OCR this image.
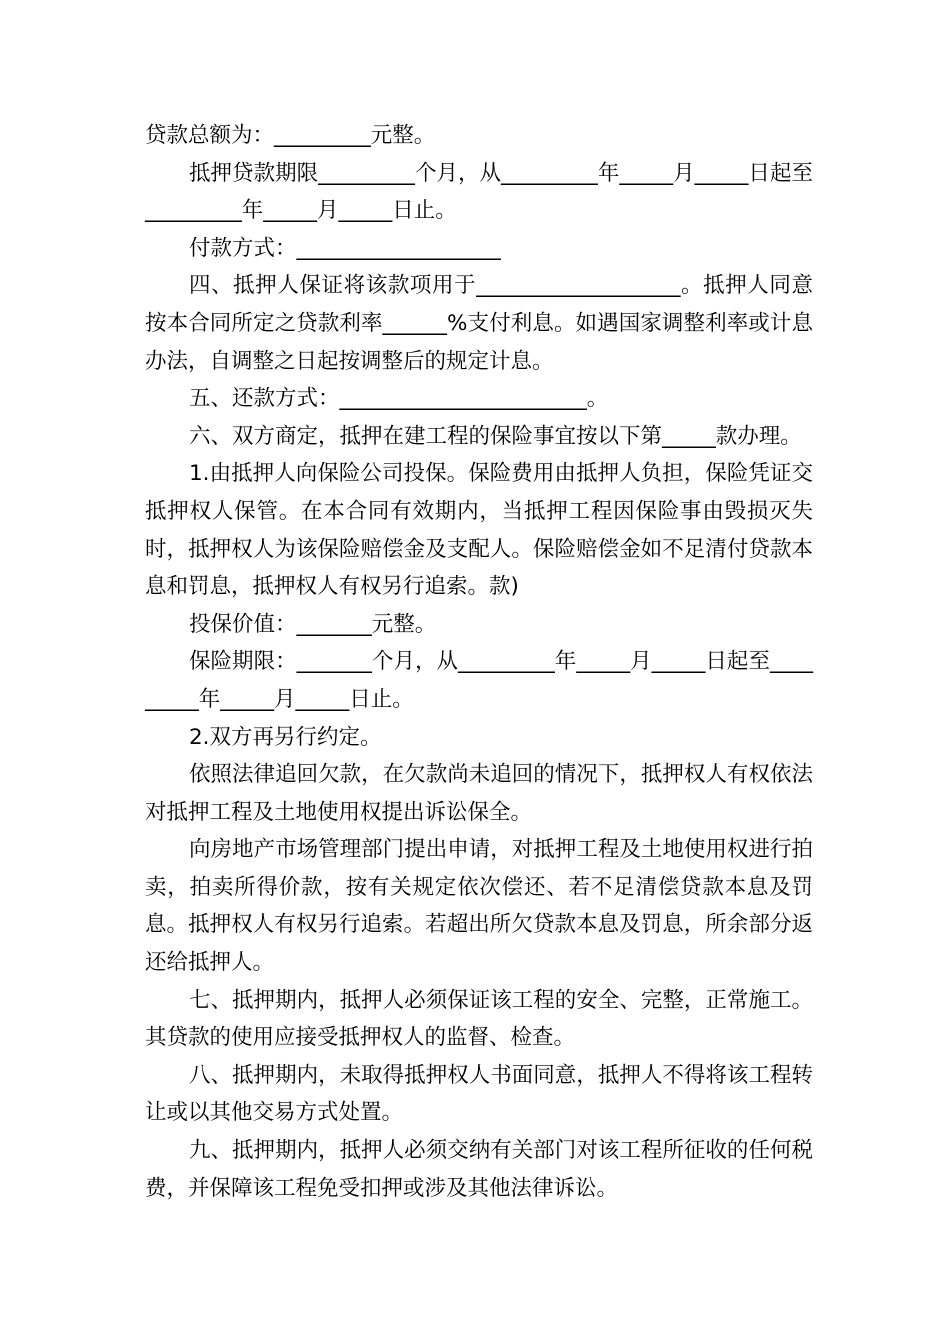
贷款总额为：_________元整。

抵押贷款期限_________个月，从_________年_____月_____日起至_________年_____月_____日止。

付款方式：___________________

四、抵押人保证将该款项用于___________________。抵押人同意按本合同所定之贷款利率______%支付利息。如遇国家调整利率或计息办法，自调整之日起按调整后的规定计息。

五、还款方式：_______________________。

六、双方商定，抵押在建工程的保险事宜按以下第_____款办理。

1.由抵押人向保险公司投保。保险费用由抵押人负担，保险凭证交抵押权人保管。在本合同有效期内，当抵押工程因保险事由毁损灭失时，抵押权人为该保险赔偿金及支配人。保险赔偿金如不足清付贷款本息和罚息，抵押权人有权另行追索。款)

投保价值：_______元整。

保险期限：_______个月，从_________年_____月_____日起至_________年_____月_____日止。

2.双方再另行约定。

依照法律追回欠款，在欠款尚未追回的情况下，抵押权人有权依法对抵押工程及土地使用权提出诉讼保全。

向房地产市场管理部门提出申请，对抵押工程及土地使用权进行拍卖，拍卖所得价款，按有关规定依次偿还、若不足清偿贷款本息及罚息。抵押权人有权另行追索。若超出所欠贷款本息及罚息，所余部分返还给抵押人。

七、抵押期内，抵押人必须保证该工程的安全、完整，正常施工。其贷款的使用应接受抵押权人的监督、检查。

八、抵押期内，未取得抵押权人书面同意，抵押人不得将该工程转让或以其他交易方式处置。

九、抵押期内，抵押人必须交纳有关部门对该工程所征收的任何税费，并保障该工程免受扣押或涉及其他法律诉讼。
